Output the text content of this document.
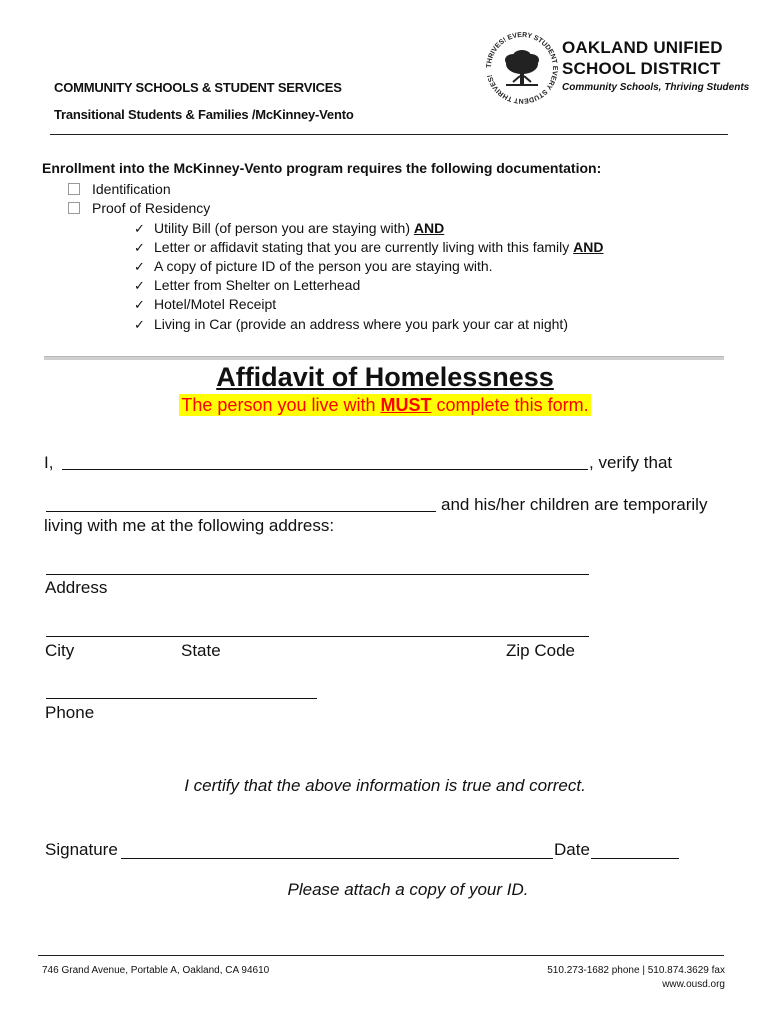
COMMUNITY SCHOOLS & STUDENT SERVICES
Transitional Students & Families /McKinney-Vento
THRIVES! EVERY STUDENT EVERY STUDENT THRIVES!
OAKLAND UNIFIED
SCHOOL DISTRICT
Community Schools, Thriving Students
Enrollment into the McKinney-Vento program requires the following documentation:
Identification
Proof of Residency
✓ Utility Bill (of person you are staying with) AND
✓ Letter or affidavit stating that you are currently living with this family AND
✓ A copy of picture ID of the person you are staying with.
✓ Letter from Shelter on Letterhead
✓ Hotel/Motel Receipt
✓ Living in Car (provide an address where you park your car at night)
Affidavit of Homelessness
The person you live with MUST complete this form.
I,	, verify that
and his/her children are temporarily
living with me at the following address:
Address
City	State	Zip Code
Phone
I certify that the above information is true and correct.
Signature	Date
Please attach a copy of your ID.
746 Grand Avenue, Portable A, Oakland, CA 94610	510.273-1682 phone | 510.874.3629 fax
www.ousd.org
